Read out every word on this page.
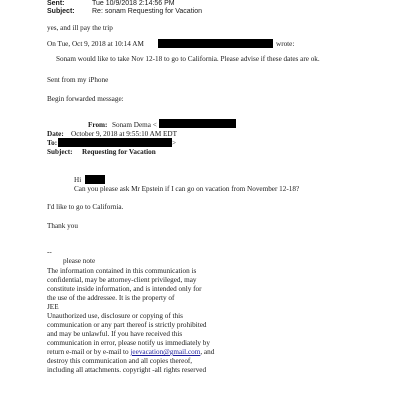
Sent:	Tue 10/9/2018 2:14:56 PM
Subject: Re: sonam Requesting for Vacation
yes, and ill pay the trip
On Tue, Oct 9, 2018 at 10:14 AM	wrote:
Sonam would like to take Nov 12-18 to go to California. Please advise if these dates are ok.
Sent from my iPhone
Begin forwarded message:
From: Sonam Dema <
Date: October 9, 2018 at 9:55:10 AM EDT
To:	>
Subject: Requesting for Vacation
Hi
Can you please ask Mr Epstein if I can go on vacation from November 12-18?
I'd like to go to California.
Thank you
--
please note
The information contained in this communication is
confidential, may be attorney-client privileged, may
constitute inside information, and is intended only for
the use of the addressee. It is the property of
JEE
Unauthorized use, disclosure or copying of this
communication or any part thereof is strictly prohibited
and may be unlawful. If you have received this
communication in error, please notify us immediately by
return e-mail or by e-mail to jeevacation@gmail.com, and
destroy this communication and all copies thereof,
including all attachments. copyright -all rights reserved
